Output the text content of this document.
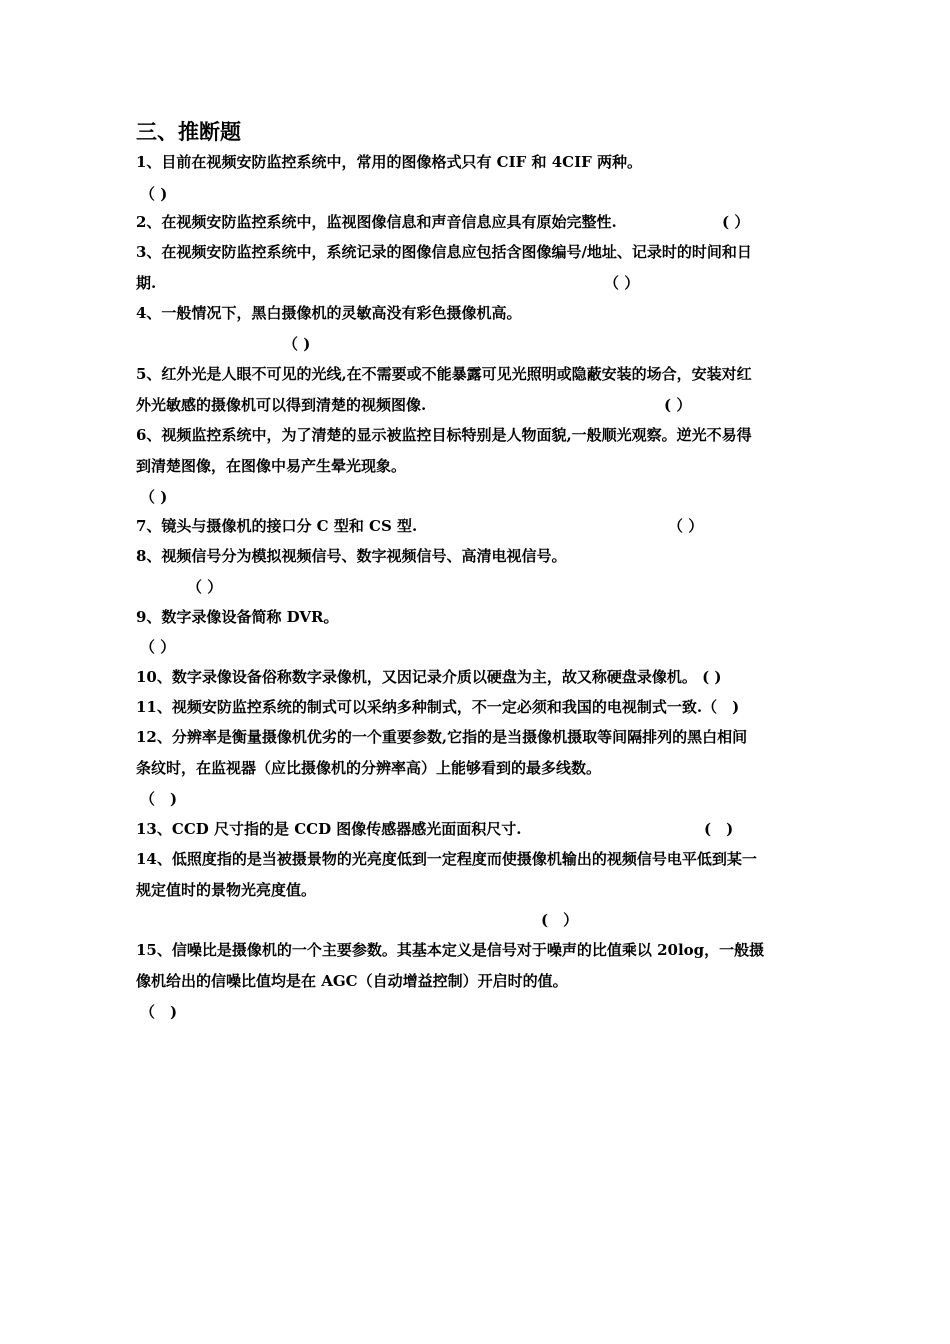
三、推断题
1、目前在视频安防监控系统中，常用的图像格式只有 CIF 和 4CIF 两种。
（ )
2、在视频安防监控系统中，监视图像信息和声音信息应具有原始完整性.	( ）
3、在视频安防监控系统中，系统记录的图像信息应包括含图像编号/地址、记录时的时间和日
期.	（ ）
4、一般情况下，黑白摄像机的灵敏高没有彩色摄像机高。
（ )
5、红外光是人眼不可见的光线,在不需要或不能暴露可见光照明或隐蔽安装的场合，安装对红
外光敏感的摄像机可以得到清楚的视频图像.	( ）
6、视频监控系统中，为了清楚的显示被监控目标特别是人物面貌,一般顺光观察。逆光不易得
到清楚图像，在图像中易产生晕光现象。
（ )
7、镜头与摄像机的接口分 C 型和 CS 型.	（ ）
8、视频信号分为模拟视频信号、数字视频信号、高清电视信号。
（ ）
9、数字录像设备简称 DVR。
（ ）
10、数字录像设备俗称数字录像机，又因记录介质以硬盘为主，故又称硬盘录像机。 ( )
11、视频安防监控系统的制式可以采纳多种制式，不一定必须和我国的电视制式一致.（　)
12、分辨率是衡量摄像机优劣的一个重要参数,它指的是当摄像机摄取等间隔排列的黑白相间
条纹时，在监视器（应比摄像机的分辨率高）上能够看到的最多线数。
（　)
13、CCD 尺寸指的是 CCD 图像传感器感光面面积尺寸.	(　)
14、低照度指的是当被摄景物的光亮度低到一定程度而使摄像机输出的视频信号电平低到某一
规定值时的景物光亮度值。
(　）
15、信噪比是摄像机的一个主要参数。其基本定义是信号对于噪声的比值乘以 20log，一般摄
像机给出的信噪比值均是在 AGC（自动增益控制）开启时的值。
（　)
